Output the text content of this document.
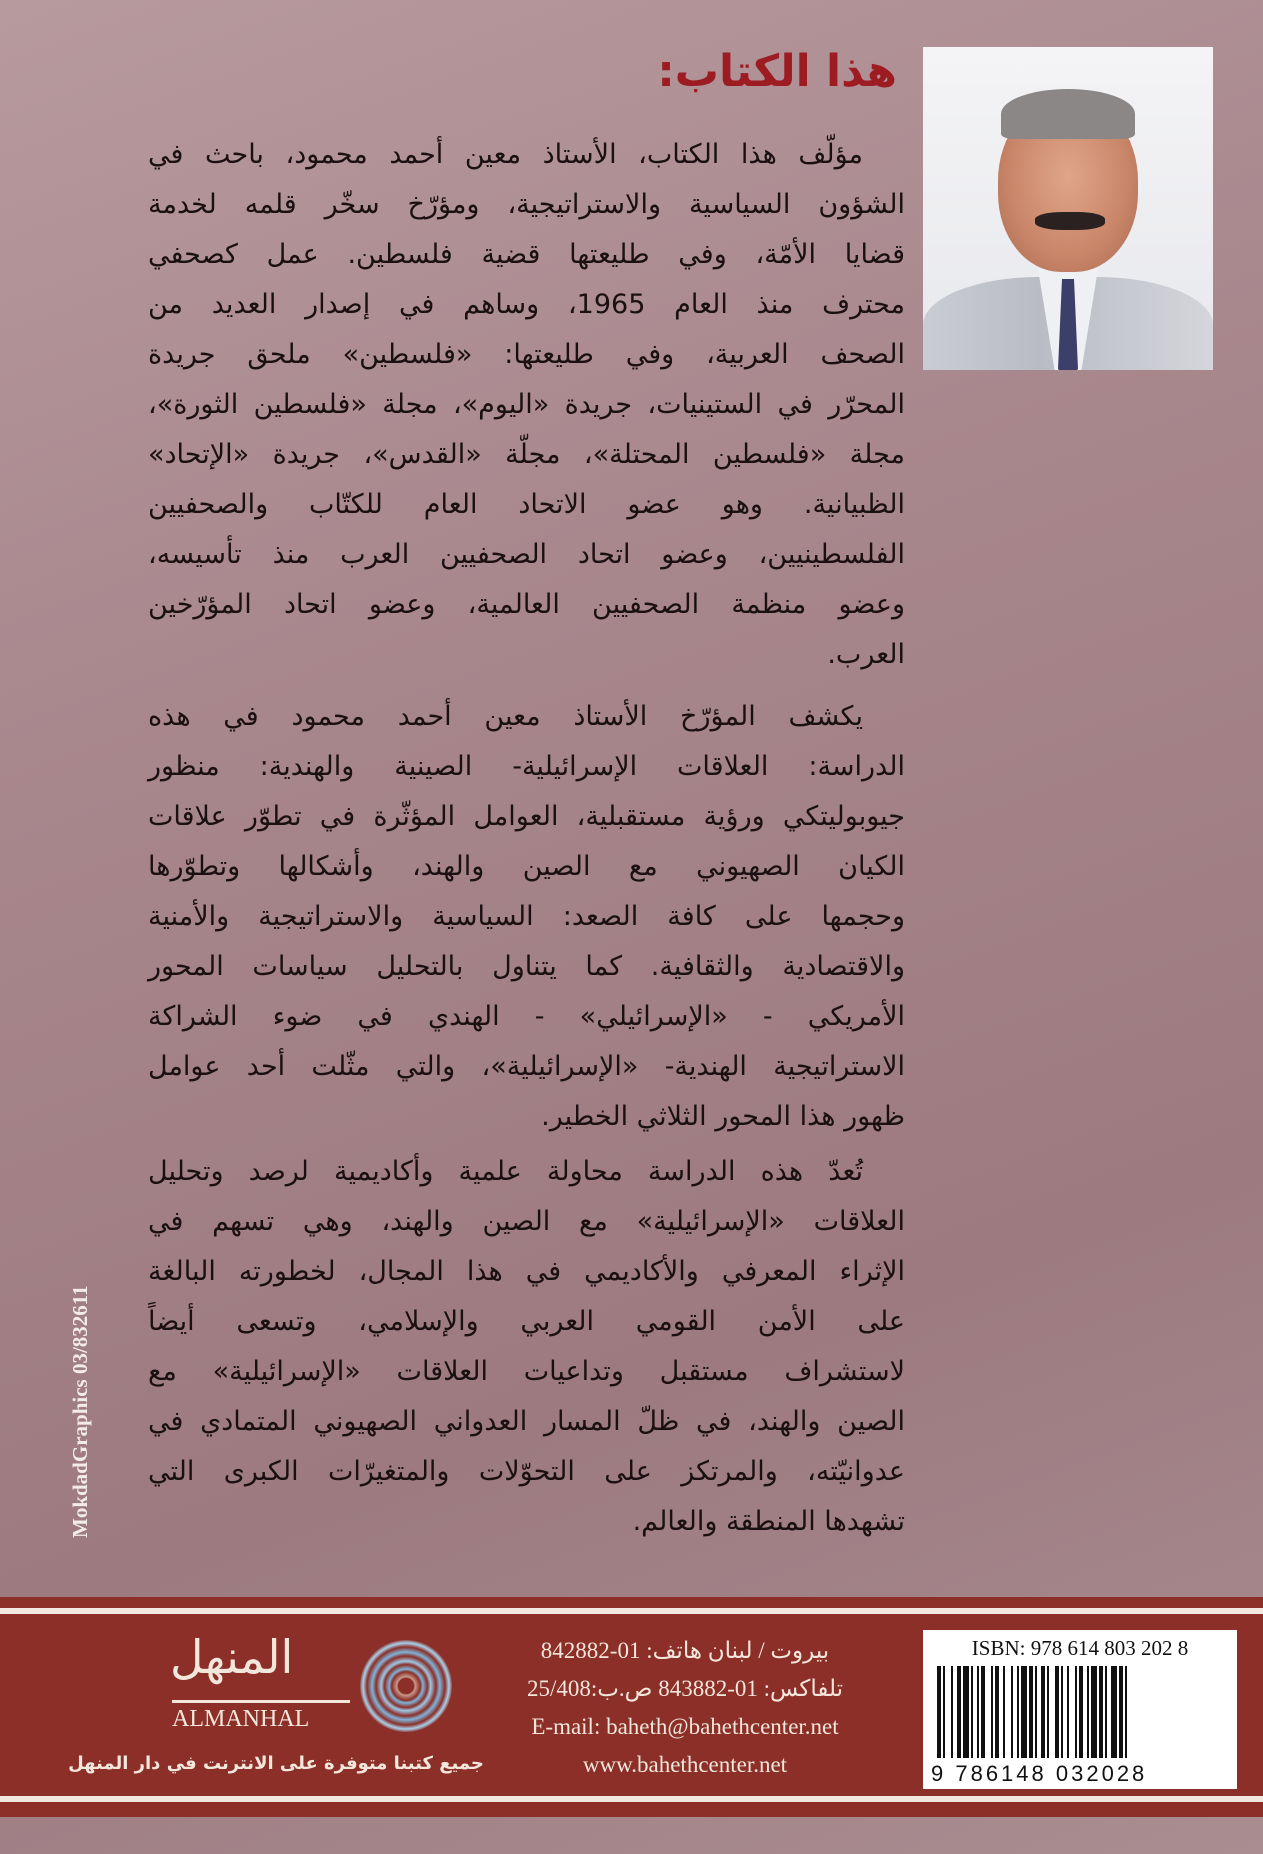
هذا الكتاب:
مؤلّف هذا الكتاب، الأستاذ معين أحمد محمود، باحث في
الشؤون السياسية والاستراتيجية، ومؤرّخ سخّر قلمه لخدمة
قضايا الأمّة، وفي طليعتها قضية فلسطين. عمل كصحفي
محترف منذ العام 1965، وساهم في إصدار العديد من
الصحف العربية، وفي طليعتها: «فلسطين» ملحق جريدة
المحرّر في الستينيات، جريدة «اليوم»، مجلة «فلسطين الثورة»،
مجلة «فلسطين المحتلة»، مجلّة «القدس»، جريدة «الإتحاد»
الظبيانية. وهو عضو الاتحاد العام للكتّاب والصحفيين
الفلسطينيين، وعضو اتحاد الصحفيين العرب منذ تأسيسه،
وعضو منظمة الصحفيين العالمية، وعضو اتحاد المؤرّخين
العرب.
يكشف المؤرّخ الأستاذ معين أحمد محمود في هذه
الدراسة: العلاقات الإسرائيلية- الصينية والهندية: منظور
جيوبوليتكي ورؤية مستقبلية، العوامل المؤثّرة في تطوّر علاقات
الكيان الصهيوني مع الصين والهند، وأشكالها وتطوّرها
وحجمها على كافة الصعد: السياسية والاستراتيجية والأمنية
والاقتصادية والثقافية. كما يتناول بالتحليل سياسات المحور
الأمريكي - «الإسرائيلي» - الهندي في ضوء الشراكة
الاستراتيجية الهندية- «الإسرائيلية»، والتي مثّلت أحد عوامل
ظهور هذا المحور الثلاثي الخطير.
تُعدّ هذه الدراسة محاولة علمية وأكاديمية لرصد وتحليل
العلاقات «الإسرائيلية» مع الصين والهند، وهي تسهم في
الإثراء المعرفي والأكاديمي في هذا المجال، لخطورته البالغة
على الأمن القومي العربي والإسلامي، وتسعى أيضاً
لاستشراف مستقبل وتداعيات العلاقات «الإسرائيلية» مع
الصين والهند، في ظلّ المسار العدواني الصهيوني المتمادي في
عدوانيّته، والمرتكز على التحوّلات والمتغيرّات الكبرى التي
تشهدها المنطقة والعالم.
MokdadGraphics 03/832611
المنهل
ALMANHAL
جميع كتبنا متوفرة على الانترنت في دار المنهل
بيروت / لبنان هاتف: 01-842882
تلفاكس: 01-843882 ص.ب:25/408
E-mail: baheth@bahethcenter.net
www.bahethcenter.net
ISBN: 978 614 803 202 8
9 786148 032028
